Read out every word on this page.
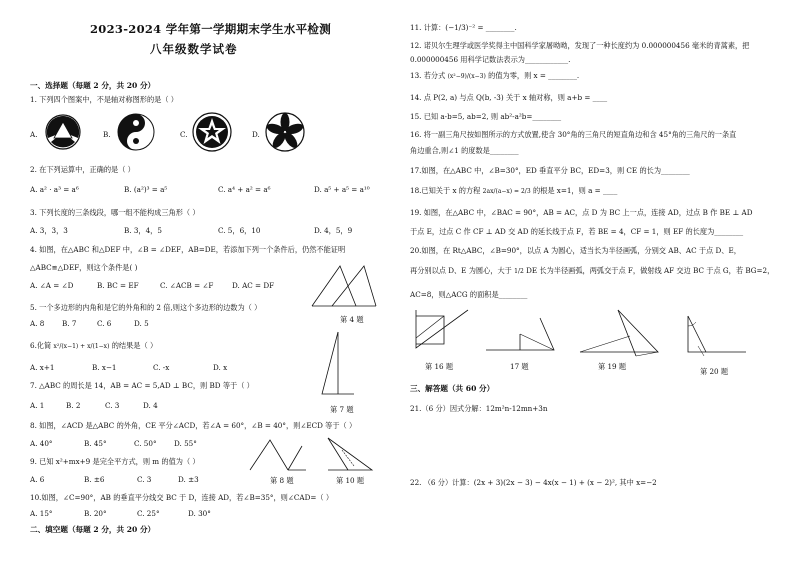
2023-2024 学年第一学期期末学生水平检测
八年级数学试卷
一、选择题（每题 2 分，共 20 分）
1. 下列四个图案中，不是轴对称图形的是（ ）
A.	B.	C.	D.
2. 在下列运算中，正确的是（ ）
A. a² · a³ = a⁶	B. (a²)³ = a⁵	C. a⁴ + a² = a⁶	D. a⁵ + a⁵ = a¹⁰
3. 下列长度的三条线段，哪一组不能构成三角形（ ）
A. 3，3，3	B. 3，4，5	C. 5，6，10	D. 4，5，9
4. 如图，在△ABC 和△DEF 中，∠B = ∠DEF，AB=DE，若添加下列一个条件后，仍然不能证明
△ABC≌△DEF，则这个条件是( )
A. ∠A = ∠D	B. BC = EF	C. ∠ACB = ∠F	D. AC = DF
第 4 题
5. 一个多边形的内角和是它的外角和的 2 倍,则这个多边形的边数为（ ）
A. 8 B. 7	C. 6	D. 5
6.化简 x²/(x−1) + x/(1−x) 的结果是（ ）
A. x+1	B. x−1	C. -x	D. x
第 7 题
7. △ABC 的周长是 14，AB = AC = 5,AD ⊥ BC，则 BD 等于（ ）
A. 1	B. 2	C. 3	D. 4
8. 如图，∠ACD 是△ABC 的外角，CE 平分∠ACD，若∠A = 60°，∠B = 40°，则∠ECD 等于（ ）
A. 40°	B. 45°	C. 50° D. 55°
第 8 题	第 10 题
9. 已知 x²+mx+9 是完全平方式，则 m 的值为（ ）
A. 6	B. ±6	C. 3	D. ±3
10.如图，∠C=90°，AB 的垂直平分线交 BC 于 D，连接 AD，若∠B=35°，则∠CAD=（ ）
A. 15°	B. 20°	C. 25°	D. 30°
二、填空题（每题 2 分，共 20 分）
11. 计算：(−1/3)⁻² = ________.
12. 诺贝尔生理学或医学奖得主中国科学家屠呦呦，发现了一种长度约为 0.000000456 毫米的青蒿素，把
0.000000456 用科学记数法表示为____________.
13. 若分式 (x²−9)/(x−3) 的值为零，则 x = ________.
14. 点 P(2, a) 与点 Q(b, -3) 关于 x 轴对称，则 a+b = ____
15. 已知 a-b=5, ab=2, 则 ab²-a²b=________
16. 将一副三角尺按如图所示的方式放置,使含 30°角的三角尺的短直角边和含 45°角的三角尺的一条直
角边重合,则∠1 的度数是________
17.如图，在△ABC 中，∠B=30°，ED 垂直平分 BC，ED=3，则 CE 的长为________
18.已知关于 x 的方程 2ax/(a−x) = 2/3 的根是 x=1，则 a = ____
19. 如图，在△ABC 中，∠BAC = 90°，AB = AC，点 D 为 BC 上一点，连接 AD，过点 B 作 BE ⊥ AD
于点 E，过点 C 作 CF ⊥ AD 交 AD 的延长线于点 F，若 BE = 4，CF = 1，则 EF 的长度为________
20.如图，在 Rt△ABC，∠B=90°，以点 A 为圆心，适当长为半径画弧，分别交 AB、AC 于点 D、E，
再分别以点 D、E 为圆心，大于 1/2 DE 长为半径画弧，两弧交于点 F，做射线 AF 交边 BC 于点 G，若 BG=2，
AC=8，则△ACG 的面积是________
第 16 题	17 题	第 19 题
第 20 题
三、解答题（共 60 分）
21.（6 分）因式分解：12m²n-12mn+3n
22. （6 分）计算：(2x + 3)(2x − 3) − 4x(x − 1) + (x − 2)², 其中 x=−2
